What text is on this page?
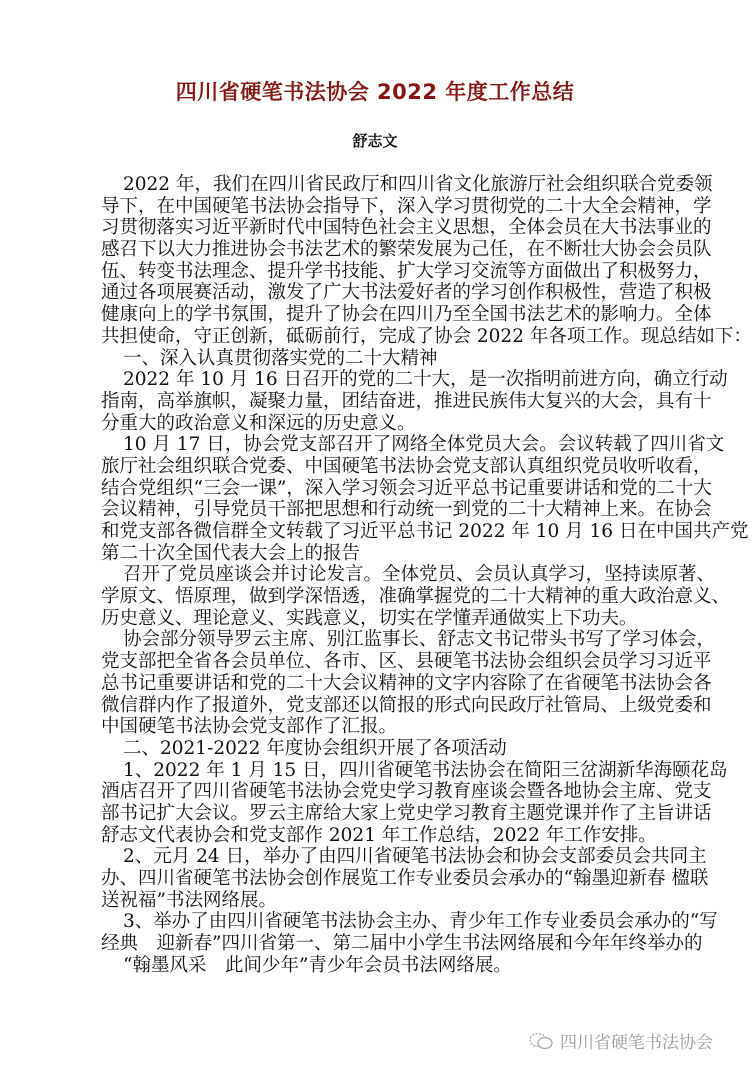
四川省硬笔书法协会 2022 年度工作总结
舒志文
2022 年，我们在四川省民政厅和四川省文化旅游厅社会组织联合党委领
导下，在中国硬笔书法协会指导下，深入学习贯彻党的二十大全会精神，学
习贯彻落实习近平新时代中国特色社会主义思想，全体会员在大书法事业的
感召下以大力推进协会书法艺术的繁荣发展为己任，在不断壮大协会会员队
伍、转变书法理念、提升学书技能、扩大学习交流等方面做出了积极努力，
通过各项展赛活动，激发了广大书法爱好者的学习创作积极性，营造了积极
健康向上的学书氛围，提升了协会在四川乃至全国书法艺术的影响力。全体
共担使命，守正创新，砥砺前行，完成了协会 2022 年各项工作。现总结如下：
一、深入认真贯彻落实党的二十大精神
2022 年 10 月 16 日召开的党的二十大，是一次指明前进方向，确立行动
指南，高举旗帜，凝聚力量，团结奋进，推进民族伟大复兴的大会，具有十
分重大的政治意义和深远的历史意义。
10 月 17 日，协会党支部召开了网络全体党员大会。会议转载了四川省文
旅厅社会组织联合党委、中国硬笔书法协会党支部认真组织党员收听收看，
结合党组织“三会一课”，深入学习领会习近平总书记重要讲话和党的二十大
会议精神，引导党员干部把思想和行动统一到党的二十大精神上来。在协会
和党支部各微信群全文转载了习近平总书记 2022 年 10 月 16 日在中国共产党
第二十次全国代表大会上的报告
召开了党员座谈会并讨论发言。全体党员、会员认真学习，坚持读原著、
学原文、悟原理，做到学深悟透，准确掌握党的二十大精神的重大政治意义、
历史意义、理论意义、实践意义，切实在学懂弄通做实上下功夫。
协会部分领导罗云主席、别江监事长、舒志文书记带头书写了学习体会，
党支部把全省各会员单位、各市、区、县硬笔书法协会组织会员学习习近平
总书记重要讲话和党的二十大会议精神的文字内容除了在省硬笔书法协会各
微信群内作了报道外，党支部还以简报的形式向民政厅社管局、上级党委和
中国硬笔书法协会党支部作了汇报。
二、2021-2022 年度协会组织开展了各项活动
1、2022 年 1 月 15 日，四川省硬笔书法协会在简阳三岔湖新华海颐花岛
酒店召开了四川省硬笔书法协会党史学习教育座谈会暨各地协会主席、党支
部书记扩大会议。罗云主席给大家上党史学习教育主题党课并作了主旨讲话
舒志文代表协会和党支部作 2021 年工作总结，2022 年工作安排。
2、元月 24 日，举办了由四川省硬笔书法协会和协会支部委员会共同主
办、四川省硬笔书法协会创作展览工作专业委员会承办的“翰墨迎新春 楹联
送祝福”书法网络展。
3、举办了由四川省硬笔书法协会主办、青少年工作专业委员会承办的“写
经典　迎新春”四川省第一、第二届中小学生书法网络展和今年年终举办的
“翰墨风采　此间少年”青少年会员书法网络展。
四川省硬笔书法协会
